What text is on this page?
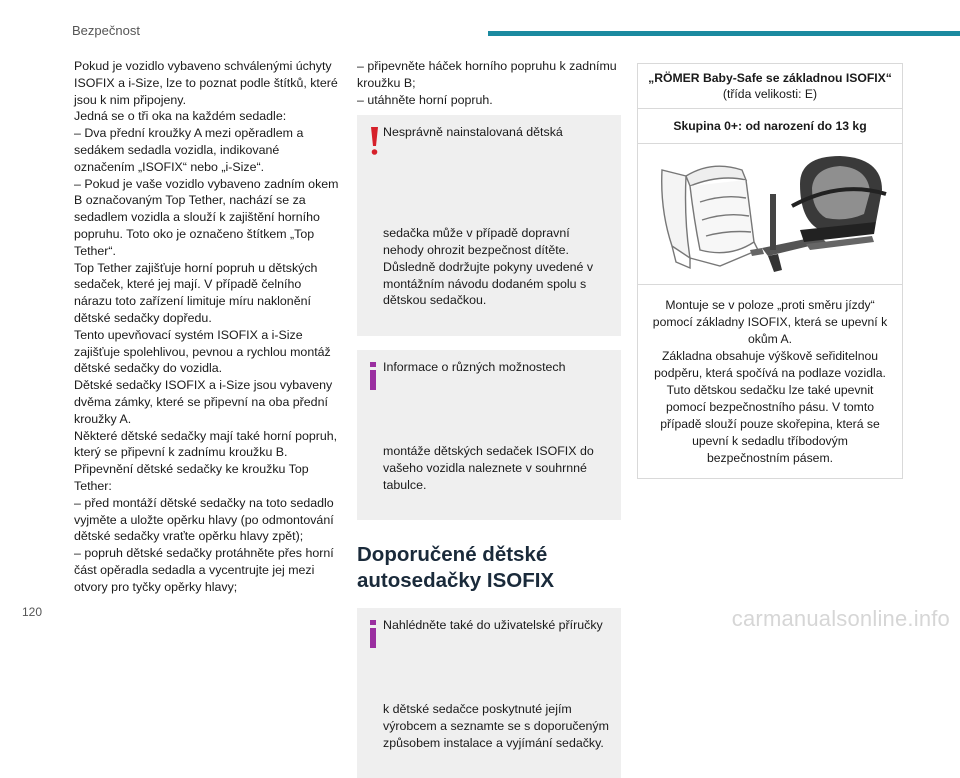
Bezpečnost

Pokud je vozidlo vybaveno schválenými úchyty ISOFIX a i-Size, lze to poznat podle štítků, které jsou k nim připojeny.
Jedná se o tři oka na každém sedadle:
– Dva přední kroužky A mezi opěradlem a sedákem sedadla vozidla, indikované označením „ISOFIX“ nebo „i-Size“.
– Pokud je vaše vozidlo vybaveno zadním okem B označovaným Top Tether, nachází se za sedadlem vozidla a slouží k zajištění horního popruhu. Toto oko je označeno štítkem „Top Tether“.
Top Tether zajišťuje horní popruh u dětských sedaček, které jej mají. V případě čelního nárazu toto zařízení limituje míru naklonění dětské sedačky dopředu.
Tento upevňovací systém ISOFIX a i-Size zajišťuje spolehlivou, pevnou a rychlou montáž dětské sedačky do vozidla.
Dětské sedačky ISOFIX a i-Size jsou vybaveny dvěma zámky, které se připevní na oba přední kroužky A.
Některé dětské sedačky mají také horní popruh, který se připevní k zadnímu kroužku B.
Připevnění dětské sedačky ke kroužku Top Tether:
– před montáží dětské sedačky na toto sedadlo vyjměte a uložte opěrku hlavy (po odmontování dětské sedačky vraťte opěrku hlavy zpět);
– popruh dětské sedačky protáhněte přes horní část opěradla sedadla a vycentrujte jej mezi otvory pro tyčky opěrky hlavy;

– připevněte háček horního popruhu k zadnímu kroužku B;
– utáhněte horní popruh.

Nesprávně nainstalovaná dětská

sedačka může v případě dopravní nehody ohrozit bezpečnost dítěte. Důsledně dodržujte pokyny uvedené v montážním návodu dodaném spolu s dětskou sedačkou.

Informace o různých možnostech

montáže dětských sedaček ISOFIX do vašeho vozidla naleznete v souhrnné tabulce.

Doporučené dětské
autosedačky ISOFIX

Nahlédněte také do uživatelské příručky

k dětské sedačce poskytnuté jejím výrobcem a seznamte se s doporučeným způsobem instalace a vyjímání sedačky.

„RÖMER Baby-Safe se základnou ISOFIX“
(třída velikosti: E)
Skupina 0+: od narození do 13 kg
Montuje se v poloze „proti směru jízdy“ pomocí základny ISOFIX, která se upevní k okům A.
Základna obsahuje výškově seřiditelnou podpěru, která spočívá na podlaze vozidla.
Tuto dětskou sedačku lze také upevnit pomocí bezpečnostního pásu. V tomto případě slouží pouze skořepina, která se upevní k sedadlu tříbodovým bezpečnostním pásem.
120	carmanualsonline.info
